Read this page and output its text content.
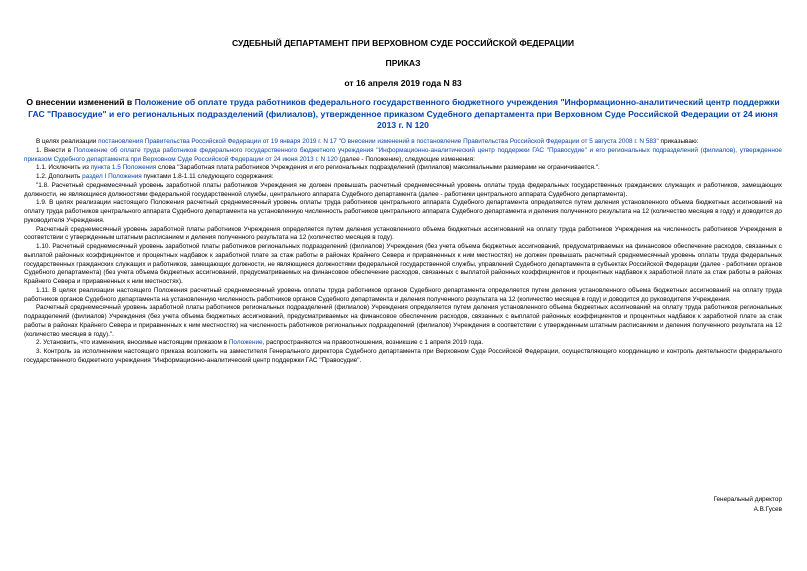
СУДЕБНЫЙ ДЕПАРТАМЕНТ ПРИ ВЕРХОВНОМ СУДЕ РОССИЙСКОЙ ФЕДЕРАЦИИ
ПРИКАЗ
от 16 апреля 2019 года N 83
О внесении изменений в Положение об оплате труда работников федерального государственного бюджетного учреждения "Информационно-аналитический центр поддержки ГАС "Правосудие" и его региональных подразделений (филиалов), утвержденное приказом Судебного департамента при Верховном Суде Российской Федерации от 24 июня 2013 г. N 120

В целях реализации постановления Правительства Российской Федерации от 19 января 2019 г. N 17 "О внесении изменений в постановление Правительства Российской Федерации от 5 августа 2008 г. N 583" приказываю:

1. Внести в Положение об оплате труда работников федерального государственного бюджетного учреждения "Информационно-аналитический центр поддержки ГАС "Правосудие" и его региональных подразделений (филиалов), утвержденное приказом Судебного департамента при Верховном Суде Российской Федерации от 24 июня 2013 г. N 120 (далее - Положение), следующие изменения:

1.1. Исключить из пункта 1.5 Положения слова "Заработная плата работников Учреждения и его региональных подразделений (филиалов) максимальными размерами не ограничивается.".

1.2. Дополнить раздел I Положения пунктами 1.8-1.11 следующего содержания:

"1.8. Расчетный среднемесячный уровень заработной платы работников Учреждения не должен превышать расчетный среднемесячный уровень оплаты труда федеральных государственных гражданских служащих и работников, замещающих должности, не являющиеся должностями федеральной государственной службы, центрального аппарата Судебного департамента (далее - работники центрального аппарата Судебного департамента).

1.9. В целях реализации настоящего Положения расчетный среднемесячный уровень оплаты труда работников центрального аппарата Судебного департамента определяется путем деления установленного объема бюджетных ассигнований на оплату труда работников центрального аппарата Судебного департамента на установленную численность работников центрального аппарата Судебного департамента и деления полученного результата на 12 (количество месяцев в году) и доводится до руководителя Учреждения.

Расчетный среднемесячный уровень заработной платы работников Учреждения определяется путем деления установленного объема бюджетных ассигнований на оплату труда работников Учреждения на численность работников Учреждения в соответствии с утвержденным штатным расписанием и деления полученного результата на 12 (количество месяцев в году).

1.10. Расчетный среднемесячный уровень заработной платы работников региональных подразделений (филиалов) Учреждения (без учета объема бюджетных ассигнований, предусматриваемых на финансовое обеспечение расходов, связанных с выплатой районных коэффициентов и процентных надбавок к заработной плате за стаж работы в районах Крайнего Севера и приравненных к ним местностях) не должен превышать расчетный среднемесячный уровень оплаты труда федеральных государственных гражданских служащих и работников, замещающих должности, не являющиеся должностями федеральной государственной службы, управлений Судебного департамента в субъектах Российской Федерации (далее - работники органов Судебного департамента) (без учета объема бюджетных ассигнований, предусматриваемых на финансовое обеспечение расходов, связанных с выплатой районных коэффициентов и процентных надбавок к заработной плате за стаж работы в районах Крайнего Севера и приравненных к ним местностях).

1.11. В целях реализации настоящего Положения расчетный среднемесячный уровень оплаты труда работников органов Судебного департамента определяется путем деления установленного объема бюджетных ассигнований на оплату труда работников органов Судебного департамента на установленную численность работников органов Судебного департамента и деления полученного результата на 12 (количество месяцев в году) и доводится до руководителя Учреждения.

Расчетный среднемесячный уровень заработной платы работников региональных подразделений (филиалов) Учреждения определяется путем деления установленного объема бюджетных ассигнований на оплату труда работников региональных подразделений (филиалов) Учреждения (без учета объема бюджетных ассигнований, предусматриваемых на финансовое обеспечение расходов, связанных с выплатой районных коэффициентов и процентных надбавок к заработной плате за стаж работы в районах Крайнего Севера и приравненных к ним местностях) на численность работников региональных подразделений (филиалов) Учреждения в соответствии с утвержденным штатным расписанием и деления полученного результата на 12 (количество месяцев в году).".

2. Установить, что изменения, вносимые настоящим приказом в Положение, распространяются на правоотношения, возникшие с 1 апреля 2019 года.

3. Контроль за исполнением настоящего приказа возложить на заместителя Генерального директора Судебного департамента при Верховном Суде Российской Федерации, осуществляющего координацию и контроль деятельности федерального государственного бюджетного учреждения "Информационно-аналитический центр поддержки ГАС "Правосудие".

Генеральный директор
А.В.Гусев
